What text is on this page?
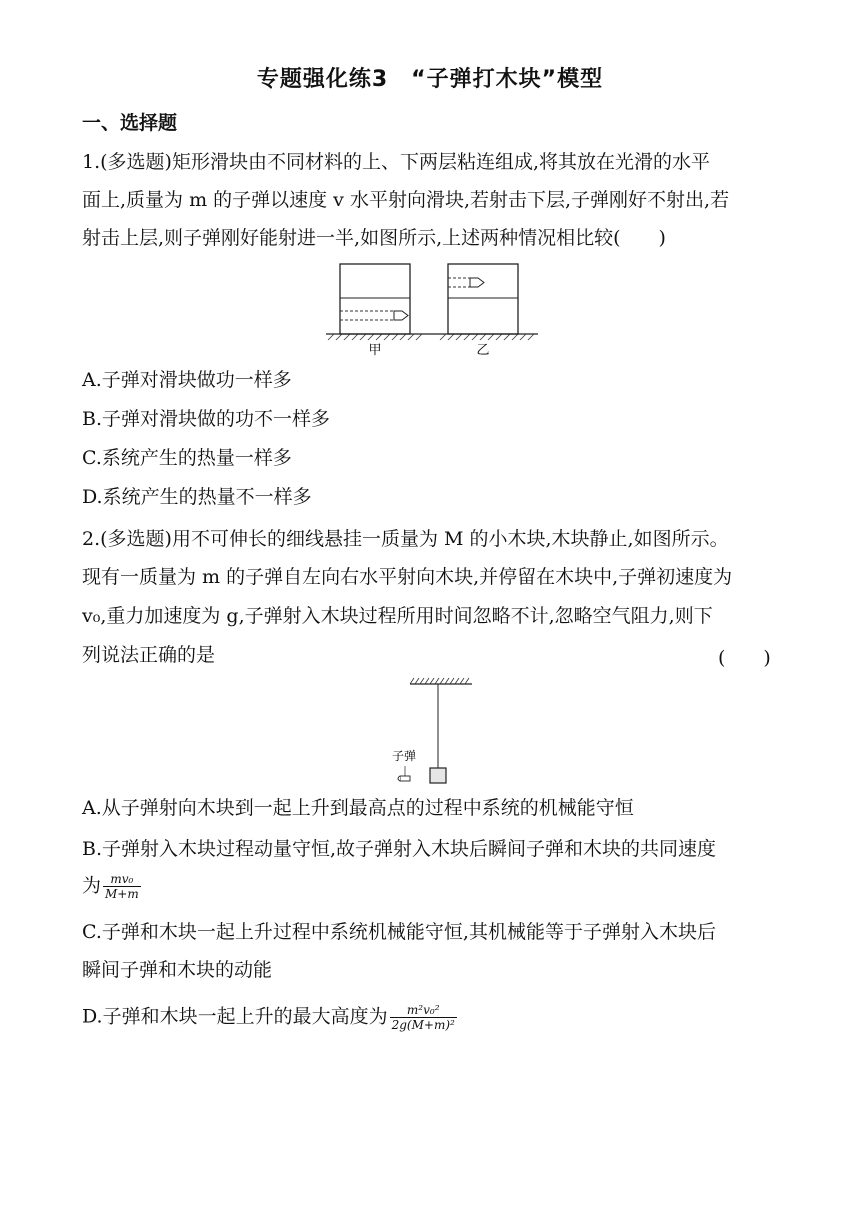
专题强化练3　“子弹打木块”模型
一、选择题
1.(多选题)矩形滑块由不同材料的上、下两层粘连组成,将其放在光滑的水平
面上,质量为 m 的子弹以速度 v 水平射向滑块,若射击下层,子弹刚好不射出,若
射击上层,则子弹刚好能射进一半,如图所示,上述两种情况相比较(　　)
甲	乙
A.子弹对滑块做功一样多
B.子弹对滑块做的功不一样多
C.系统产生的热量一样多
D.系统产生的热量不一样多
2.(多选题)用不可伸长的细线悬挂一质量为 M 的小木块,木块静止,如图所示。
现有一质量为 m 的子弹自左向右水平射向木块,并停留在木块中,子弹初速度为
v₀,重力加速度为 g,子弹射入木块过程所用时间忽略不计,忽略空气阻力,则下
列说法正确的是	(　　)
子弹
A.从子弹射向木块到一起上升到最高点的过程中系统的机械能守恒
B.子弹射入木块过程动量守恒,故子弹射入木块后瞬间子弹和木块的共同速度
为 $\frac{\text{mv₀}}{M+m}$
C.子弹和木块一起上升过程中系统机械能守恒,其机械能等于子弹射入木块后
瞬间子弹和木块的动能
D.子弹和木块一起上升的最大高度为 $\frac{\text{m²v₀²}}{\text{2g(M+m)²}}$
